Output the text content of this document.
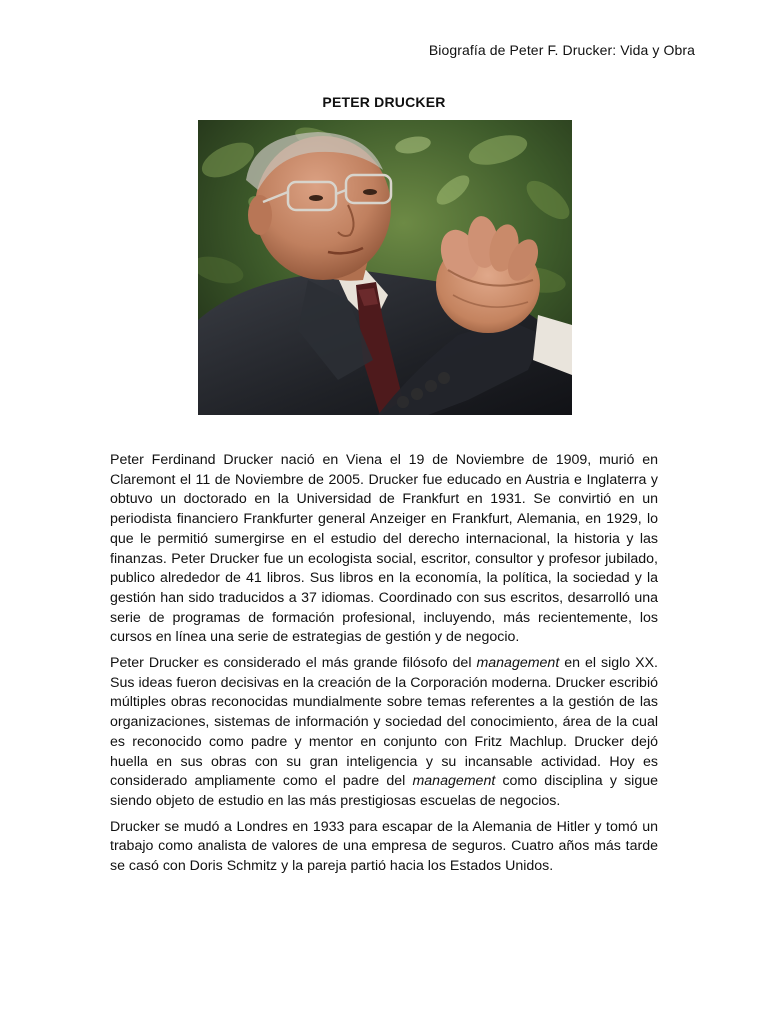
Biografía de Peter F. Drucker: Vida y Obra
PETER DRUCKER

Peter Ferdinand Drucker nació en Viena el 19 de Noviembre de 1909, murió en Claremont el 11 de Noviembre de 2005. Drucker fue educado en Austria e Inglaterra y obtuvo un doctorado en la Universidad de Frankfurt en 1931. Se convirtió en un periodista financiero Frankfurter general Anzeiger en Frankfurt, Alemania, en 1929, lo que le permitió sumergirse en el estudio del derecho internacional, la historia y las finanzas. Peter Drucker fue un ecologista social, escritor, consultor y profesor jubilado, publico alrededor de 41 libros. Sus libros en la economía, la política, la sociedad y la gestión han sido traducidos a 37 idiomas. Coordinado con sus escritos, desarrolló una serie de programas de formación profesional, incluyendo, más recientemente, los cursos en línea una serie de estrategias de gestión y de negocio.

Peter Drucker es considerado el más grande filósofo del management en el siglo XX. Sus ideas fueron decisivas en la creación de la Corporación moderna. Drucker escribió múltiples obras reconocidas mundialmente sobre temas referentes a la gestión de las organizaciones, sistemas de información y sociedad del conocimiento, área de la cual es reconocido como padre y mentor en conjunto con Fritz Machlup. Drucker dejó huella en sus obras con su gran inteligencia y su incansable actividad. Hoy es considerado ampliamente como el padre del management como disciplina y sigue siendo objeto de estudio en las más prestigiosas escuelas de negocios.

Drucker se mudó a Londres en 1933 para escapar de la Alemania de Hitler y tomó un trabajo como analista de valores de una empresa de seguros. Cuatro años más tarde se casó con Doris Schmitz y la pareja partió hacia los Estados Unidos.
